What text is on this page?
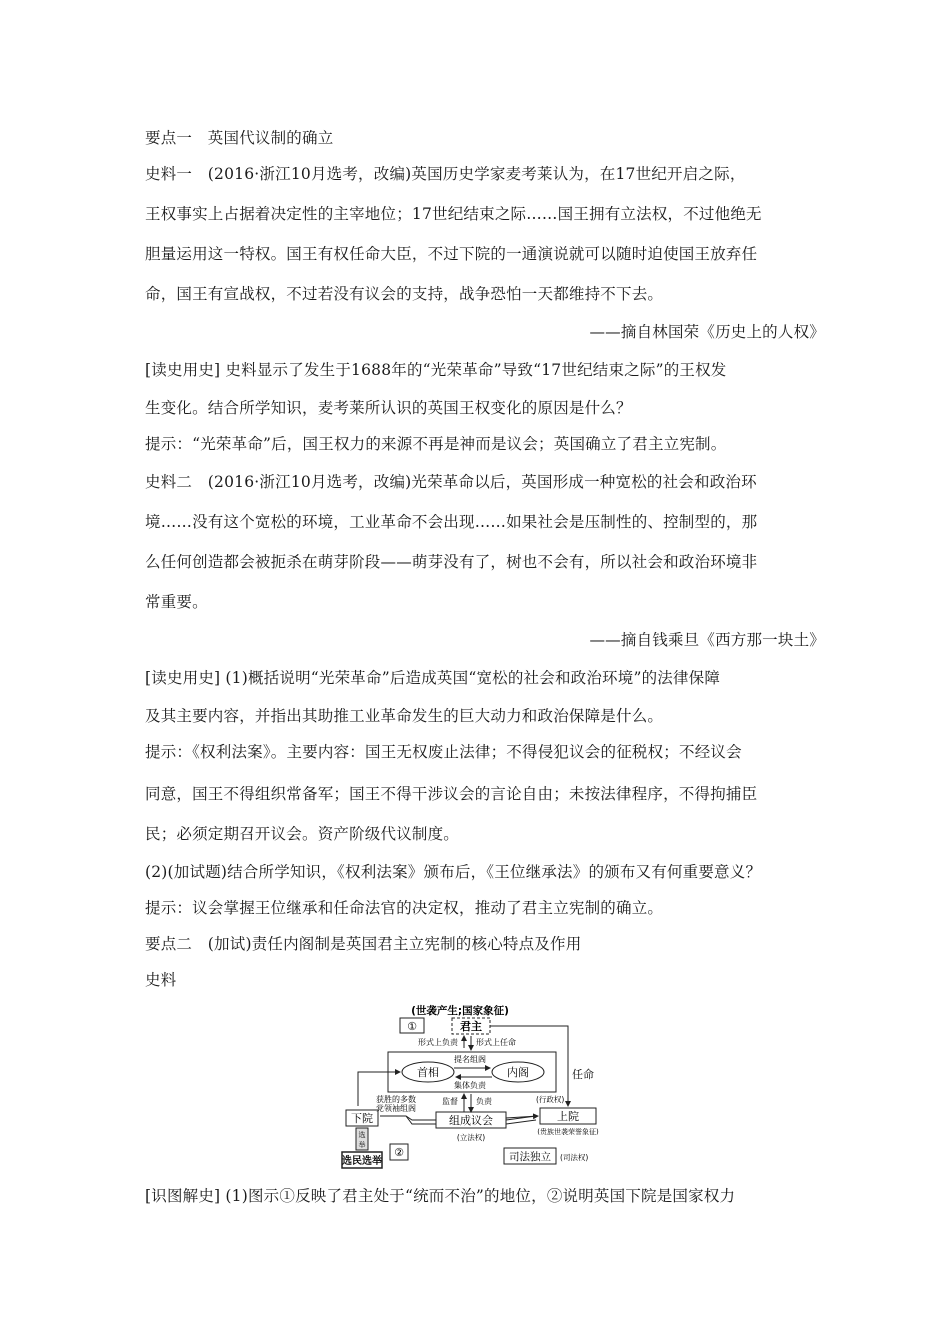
要点一　英国代议制的确立
史料一　(2016·浙江10月选考，改编)英国历史学家麦考莱认为，在17世纪开启之际，
王权事实上占据着决定性的主宰地位；17世纪结束之际……国王拥有立法权，不过他绝无
胆量运用这一特权。国王有权任命大臣，不过下院的一通演说就可以随时迫使国王放弃任
命，国王有宣战权，不过若没有议会的支持，战争恐怕一天都维持不下去。
——摘自林国荣《历史上的人权》
[读史用史] 史料显示了发生于1688年的“光荣革命”导致“17世纪结束之际”的王权发
生变化。结合所学知识，麦考莱所认识的英国王权变化的原因是什么？
提示：“光荣革命”后，国王权力的来源不再是神而是议会；英国确立了君主立宪制。
史料二　(2016·浙江10月选考，改编)光荣革命以后，英国形成一种宽松的社会和政治环
境……没有这个宽松的环境，工业革命不会出现……如果社会是压制性的、控制型的，那
么任何创造都会被扼杀在萌芽阶段——萌芽没有了，树也不会有，所以社会和政治环境非
常重要。
——摘自钱乘旦《西方那一块土》
[读史用史] (1)概括说明“光荣革命”后造成英国“宽松的社会和政治环境”的法律保障
及其主要内容，并指出其助推工业革命发生的巨大动力和政治保障是什么。
提示：《权利法案》。主要内容：国王无权废止法律；不得侵犯议会的征税权；不经议会
同意，国王不得组织常备军；国王不得干涉议会的言论自由；未按法律程序，不得拘捕臣
民；必须定期召开议会。资产阶级代议制度。
(2)(加试题)结合所学知识，《权利法案》颁布后，《王位继承法》的颁布又有何重要意义？
提示：议会掌握王位继承和任命法官的决定权，推动了君主立宪制的确立。
要点二　(加试)责任内阁制是英国君主立宪制的核心特点及作用
史料
[识图解史] (1)图示①反映了君主处于“统而不治”的地位，②说明英国下院是国家权力
(世袭产生;国家象征)
①	君主
形式上负责 形式上任命
任命
提名组阁
首相	内阁
集体负责
(行政权)
获胜的多数
党领袖组阁
监督 负责
下院	组成议会	上院
(立法权)
(贵族世袭荣誉象征)
选
举
选民选举
②	司法独立 (司法权)
